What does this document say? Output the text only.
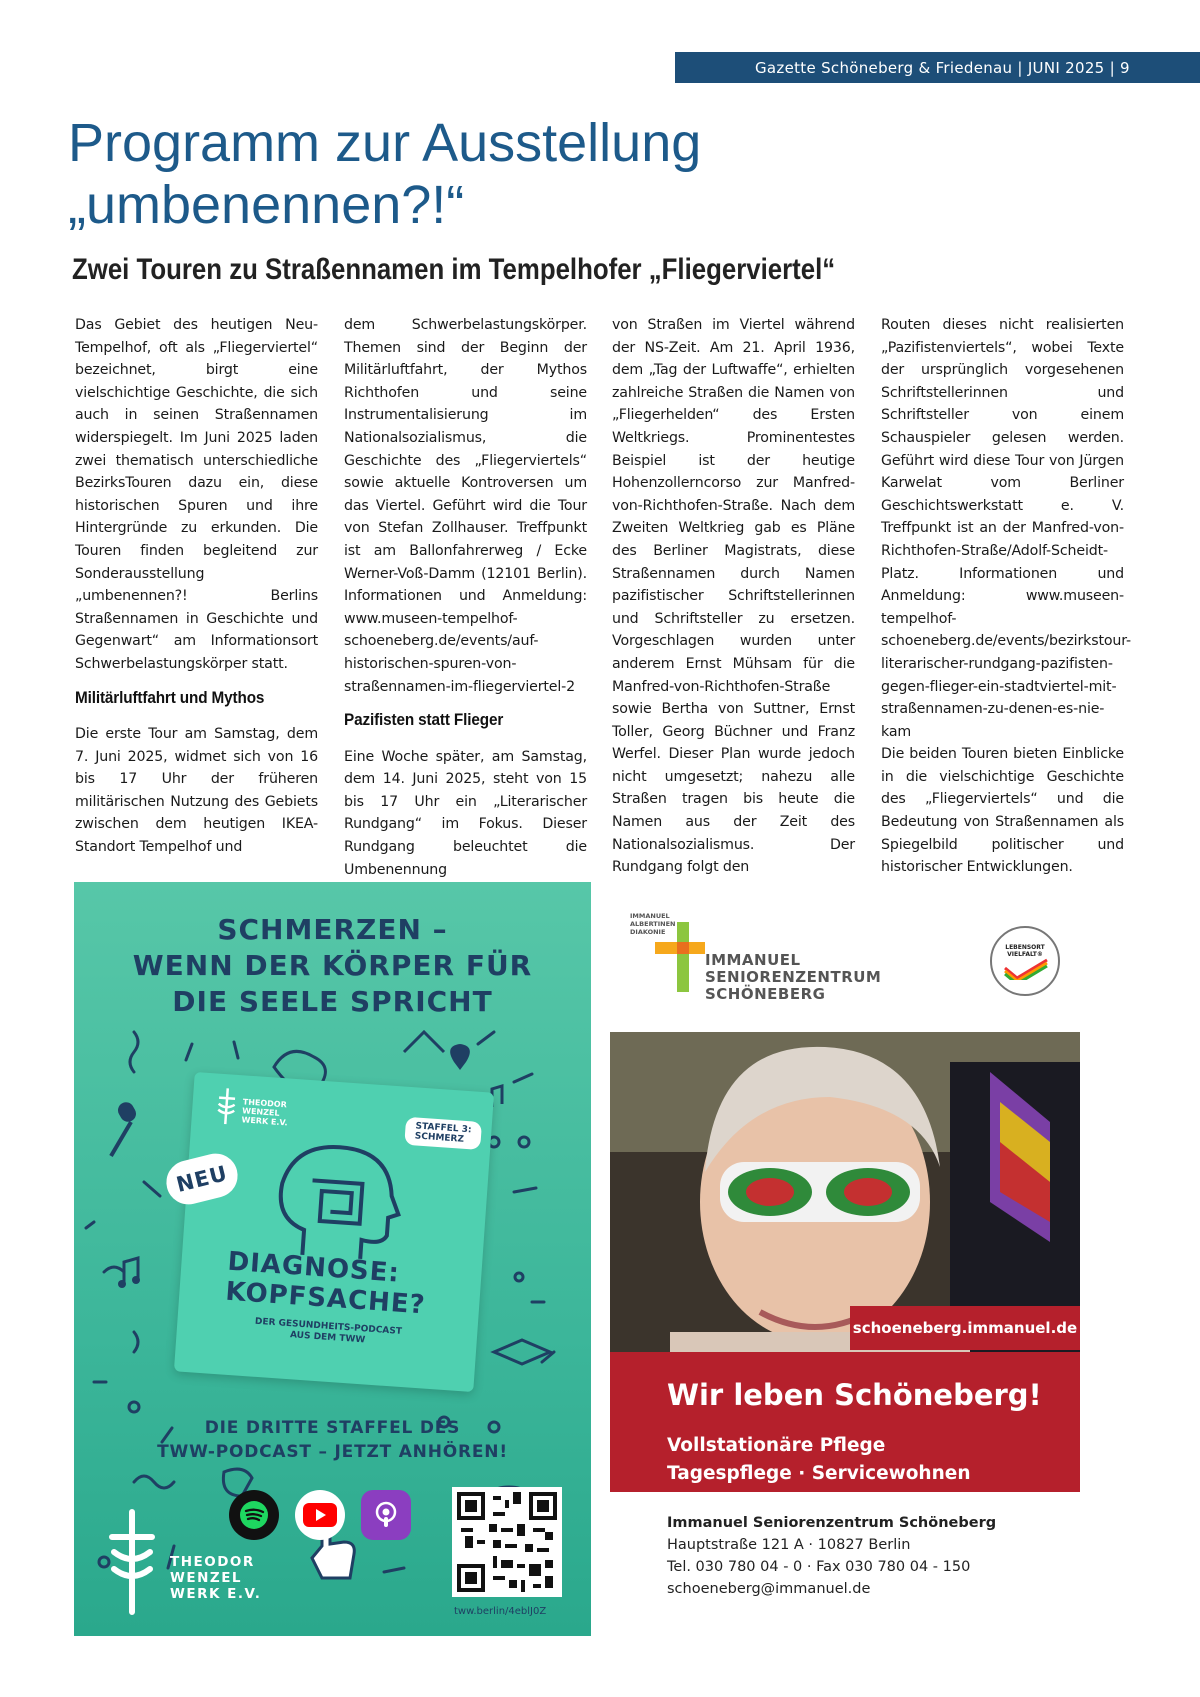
Gazette Schöneberg & Friedenau | JUNI 2025 | 9
Programm zur Ausstellung
„umbenennen?!“
Zwei Touren zu Straßennamen im Tempelhofer „Fliegerviertel“

Das Gebiet des heutigen Neu-Tempelhof, oft als „Fliegerviertel“ bezeichnet, birgt eine vielschichtige Geschichte, die sich auch in seinen Straßennamen widerspiegelt. Im Juni 2025 laden zwei thematisch unterschiedliche BezirksTouren dazu ein, diese historischen Spuren und ihre Hintergründe zu erkunden. Die Touren finden begleitend zur Sonderausstellung „umbenennen?! Berlins Straßennamen in Geschichte und Gegenwart“ am Informationsort Schwerbelastungskörper statt.

Militärluftfahrt und Mythos

Die erste Tour am Samstag, dem 7. Juni 2025, widmet sich von 16 bis 17 Uhr der früheren militärischen Nutzung des Gebiets zwischen dem heutigen IKEA-Standort Tempelhof und

dem Schwerbelastungskörper. Themen sind der Beginn der Militärluftfahrt, der Mythos Richthofen und seine Instrumentalisierung im Nationalsozialismus, die Geschichte des „Fliegerviertels“ sowie aktuelle Kontroversen um das Viertel. Geführt wird die Tour von Stefan Zollhauser. Treffpunkt ist am Ballonfahrerweg / Ecke Werner-Voß-Damm (12101 Berlin). Informationen und Anmeldung: www.museen-tempelhof-schoeneberg.de/events/auf-historischen-spuren-von-straßennamen-im-fliegerviertel-2

Pazifisten statt Flieger

Eine Woche später, am Samstag, dem 14. Juni 2025, steht von 15 bis 17 Uhr ein „Literarischer Rundgang“ im Fokus. Dieser Rundgang beleuchtet die Umbenennung

von Straßen im Viertel während der NS-Zeit. Am 21. April 1936, dem „Tag der Luftwaffe“, erhielten zahlreiche Straßen die Namen von „Fliegerhelden“ des Ersten Weltkriegs. Prominentestes Beispiel ist der heutige Hohenzollerncorso zur Manfred-von-Richthofen-Straße. Nach dem Zweiten Weltkrieg gab es Pläne des Berliner Magistrats, diese Straßennamen durch Namen pazifistischer Schriftstellerinnen und Schriftsteller zu ersetzen. Vorgeschlagen wurden unter anderem Ernst Mühsam für die Manfred-von-Richthofen-Straße sowie Bertha von Suttner, Ernst Toller, Georg Büchner und Franz Werfel. Dieser Plan wurde jedoch nicht umgesetzt; nahezu alle Straßen tragen bis heute die Namen aus der Zeit des Nationalsozialismus. Der Rundgang folgt den

Routen dieses nicht realisierten „Pazifistenviertels“, wobei Texte der ursprünglich vorgesehenen Schriftstellerinnen und Schriftsteller von einem Schauspieler gelesen werden. Geführt wird diese Tour von Jürgen Karwelat vom Berliner Geschichtswerkstatt e. V. Treffpunkt ist an der Manfred-von-Richthofen-Straße/Adolf-Scheidt-Platz. Informationen und Anmeldung: www.museen-tempelhof-schoeneberg.de/events/bezirkstour-literarischer-rundgang-pazifisten-gegen-flieger-ein-stadtviertel-mit-straßennamen-zu-denen-es-nie-kam

Die beiden Touren bieten Einblicke in die vielschichtige Geschichte des „Fliegerviertels“ und die Bedeutung von Straßennamen als Spiegelbild politischer und historischer Entwicklungen.

SCHMERZEN –
WENN DER KÖRPER FÜR
DIE SEELE SPRICHT
THEODOR
WENZEL
WERK E.V.
STAFFEL 3:
SCHMERZ
DIAGNOSE:
KOPFSACHE?
DER GESUNDHEITS-PODCAST
AUS DEM TWW
NEU
DIE DRITTE STAFFEL DES
TWW-PODCAST – JETZT ANHÖREN!
tww.berlin/4eblJ0Z
THEODOR
WENZEL
WERK E.V.
IMMANUEL
ALBERTINEN
DIAKONIE
IMMANUEL
SENIORENZENTRUM
SCHÖNEBERG
LEBENSORT
VIELFALT®
schoeneberg.immanuel.de
Wir leben Schöneberg!
Vollstationäre Pflege
Tagespflege · Servicewohnen
Immanuel Seniorenzentrum Schöneberg
Hauptstraße 121 A · 10827 Berlin
Tel. 030 780 04 - 0 · Fax 030 780 04 - 150
schoeneberg@immanuel.de
